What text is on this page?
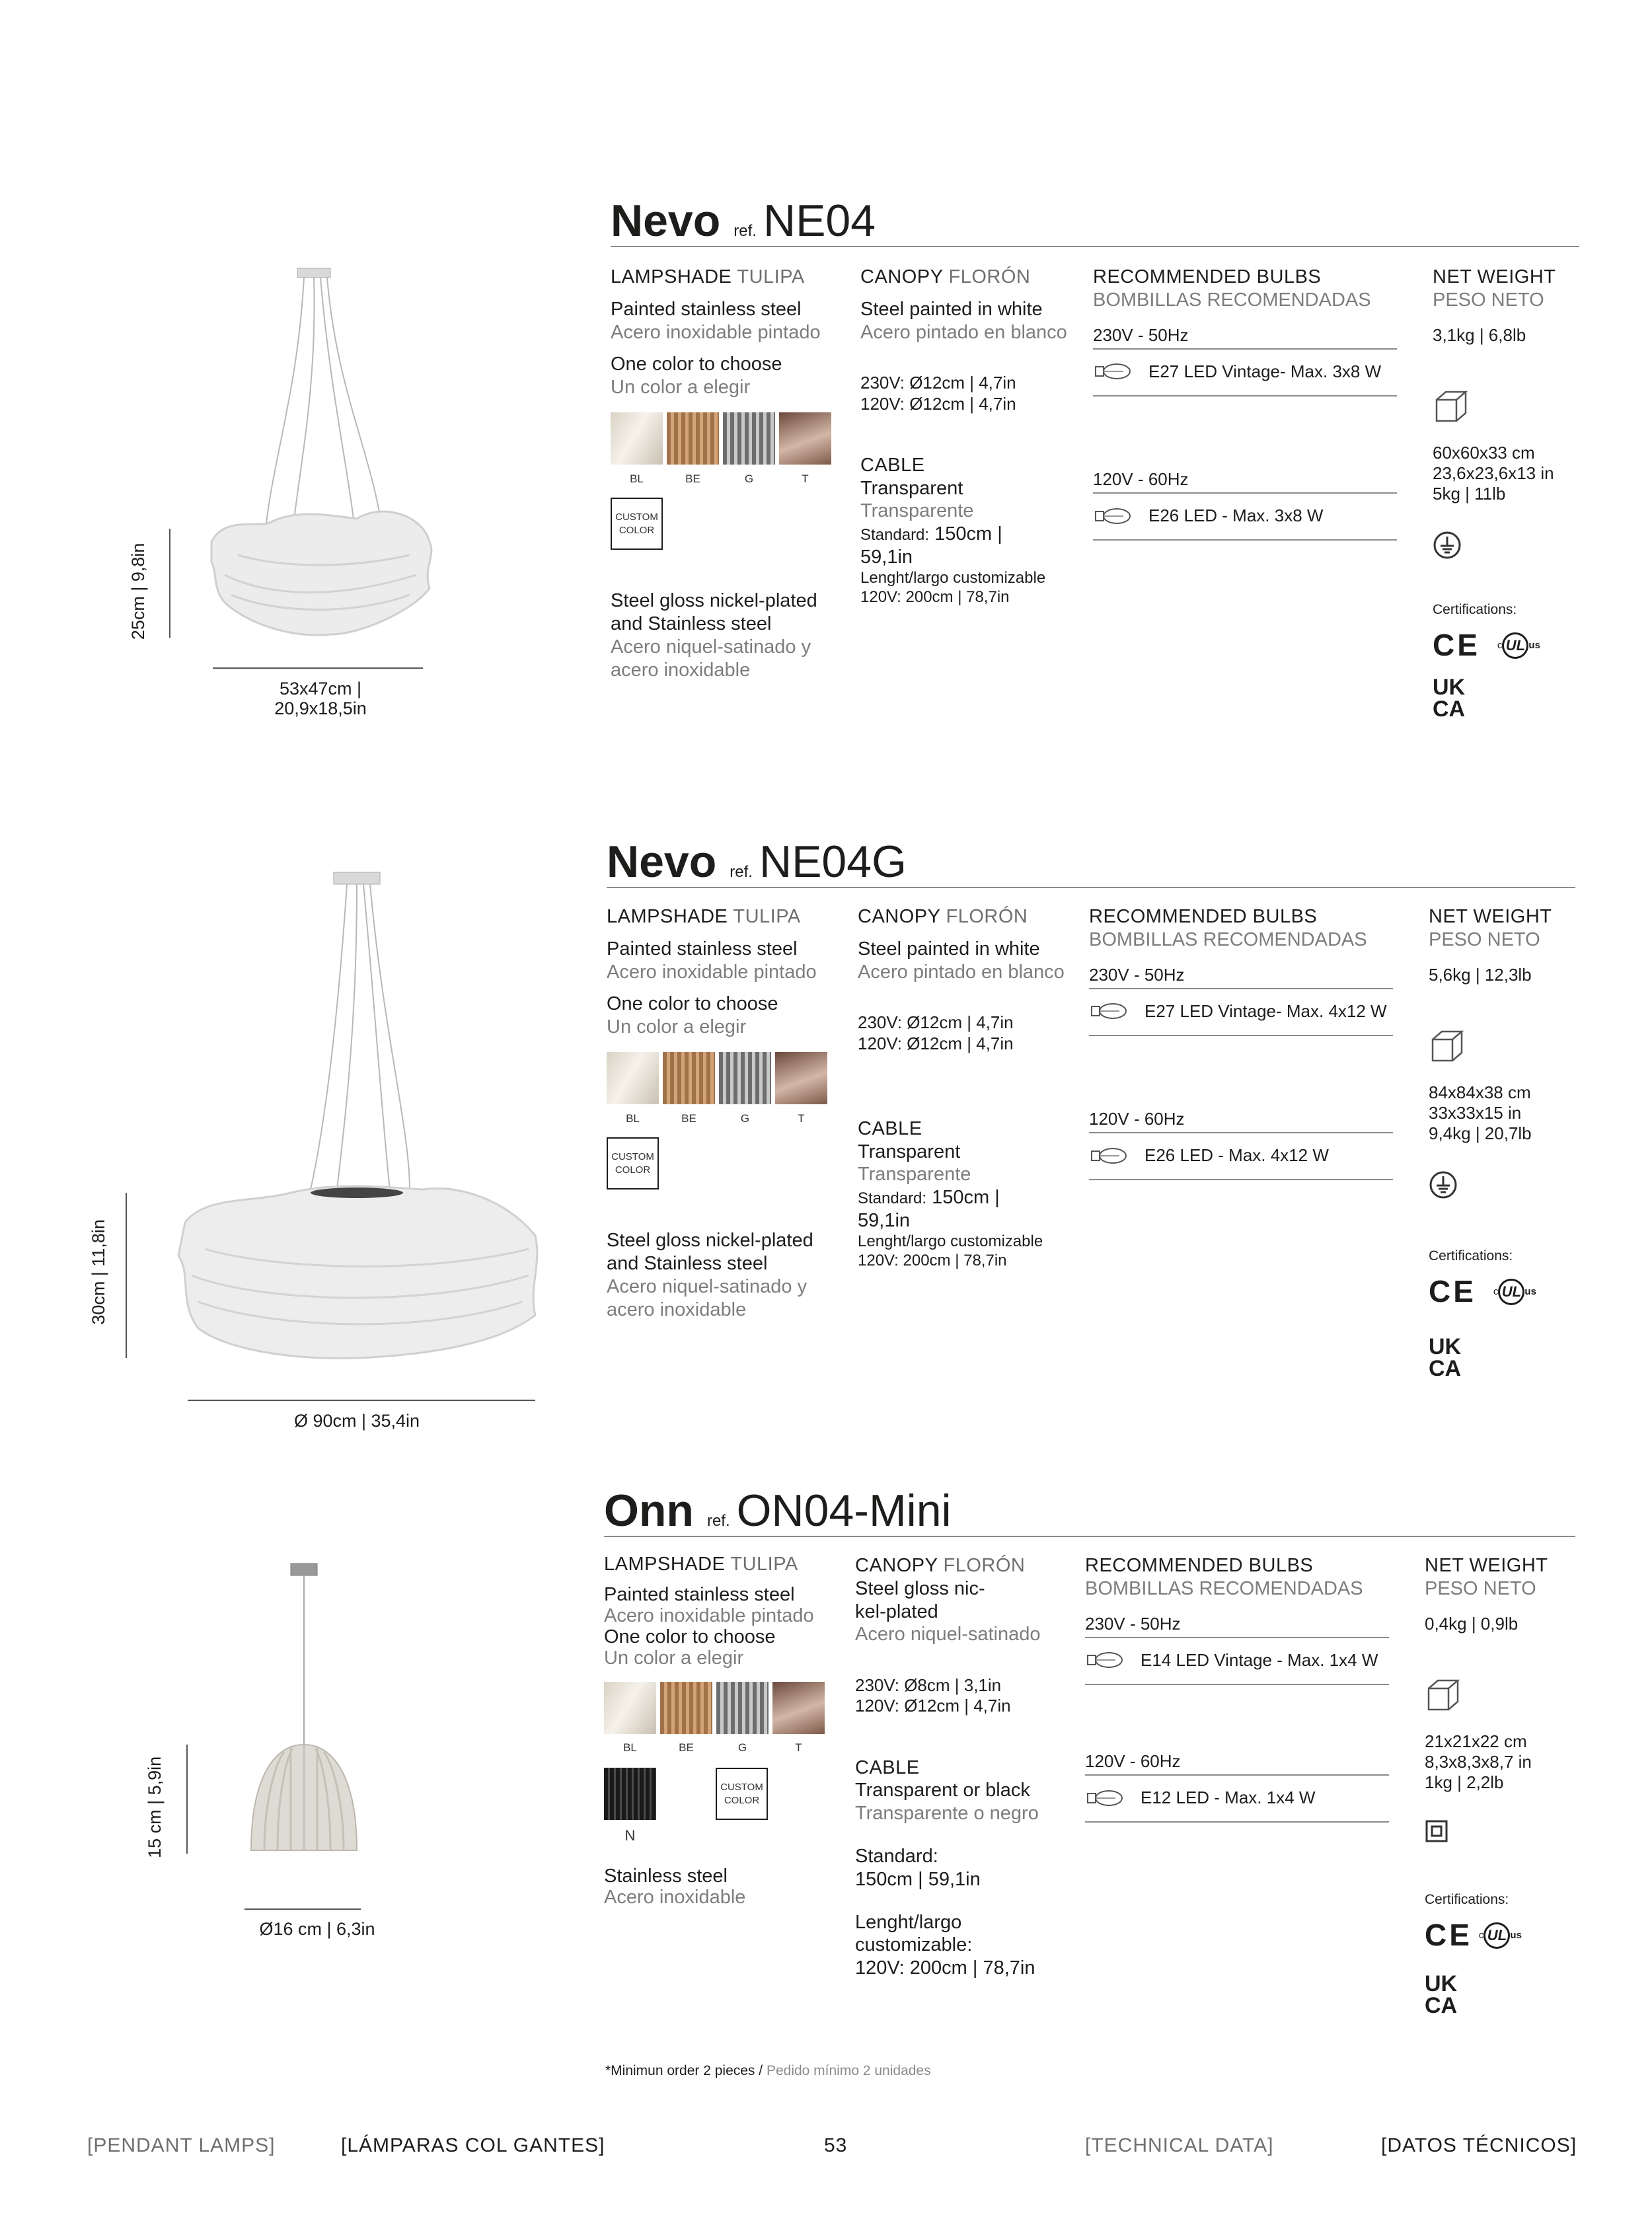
Nevo ref. NE04
25cm | 9,8in
53x47cm | 20,9x18,5in
LAMPSHADE TULIPA
Painted stainless steel
Acero inoxidable pintado
One color to choose
Un color a elegir
BL	BE	G	T
CUSTOM COLOR
Steel gloss nickel-plated and Stainless steel
Acero niquel-satinado y acero inoxidable
CANOPY FLORÓN
Steel painted in white
Acero pintado en blanco
230V: Ø12cm | 4,7in
120V: Ø12cm | 4,7in
CABLE
Transparent
Transparente
Standard: 150cm |
59,1in
Lenght/largo customizable
120V: 200cm | 78,7in
RECOMMENDED BULBS
BOMBILLAS RECOMENDADAS
230V - 50Hz
E27 LED Vintage- Max. 3x8 W
120V - 60Hz
E26 LED - Max. 3x8 W
NET WEIGHT
PESO NETO
3,1kg | 6,8lb
60x60x33 cm
23,6x23,6x13 in
5kg | 11lb
Certifications:
CE c UL us
UK
CA
Nevo ref. NE04G
30cm | 11,8in
Ø 90cm | 35,4in
LAMPSHADE TULIPA
Painted stainless steel
Acero inoxidable pintado
One color to choose
Un color a elegir
BL	BE	G	T
CUSTOM COLOR
Steel gloss nickel-plated and Stainless steel
Acero niquel-satinado y acero inoxidable
CANOPY FLORÓN
Steel painted in white
Acero pintado en blanco
230V: Ø12cm | 4,7in
120V: Ø12cm | 4,7in
CABLE
Transparent
Transparente
Standard: 150cm |
59,1in
Lenght/largo customizable
120V: 200cm | 78,7in
RECOMMENDED BULBS
BOMBILLAS RECOMENDADAS
230V - 50Hz
E27 LED Vintage- Max. 4x12 W
120V - 60Hz
E26 LED - Max. 4x12 W
NET WEIGHT
PESO NETO
5,6kg | 12,3lb
84x84x38 cm
33x33x15 in
9,4kg | 20,7lb
Certifications:
CE c UL us
UK
CA
Onn ref. ON04-Mini
15 cm | 5,9in
Ø16 cm | 6,3in
LAMPSHADE TULIPA
Painted stainless steel
Acero inoxidable pintado
One color to choose
Un color a elegir
BL	BE	G	T
N
CUSTOM COLOR
Stainless steel
Acero inoxidable
CANOPY FLORÓN
Steel gloss nic-kel-plated
Acero niquel-satinado
230V: Ø8cm | 3,1in
120V: Ø12cm | 4,7in
CABLE
Transparent or black
Transparente o negro
Standard:
150cm | 59,1in
Lenght/largo customizable:
120V: 200cm | 78,7in
RECOMMENDED BULBS
BOMBILLAS RECOMENDADAS
230V - 50Hz
E14 LED Vintage - Max. 1x4 W
120V - 60Hz
E12 LED - Max. 1x4 W
NET WEIGHT
PESO NETO
0,4kg | 0,9lb
21x21x22 cm
8,3x8,3x8,7 in
1kg | 2,2lb
Certifications:
CE c UL us
UK
CA
*Minimun order 2 pieces / Pedido mínimo 2 unidades
[PENDANT LAMPS]	[LÁMPARAS COL GANTES]	53	[TECHNICAL DATA]	[DATOS TÉCNICOS]
